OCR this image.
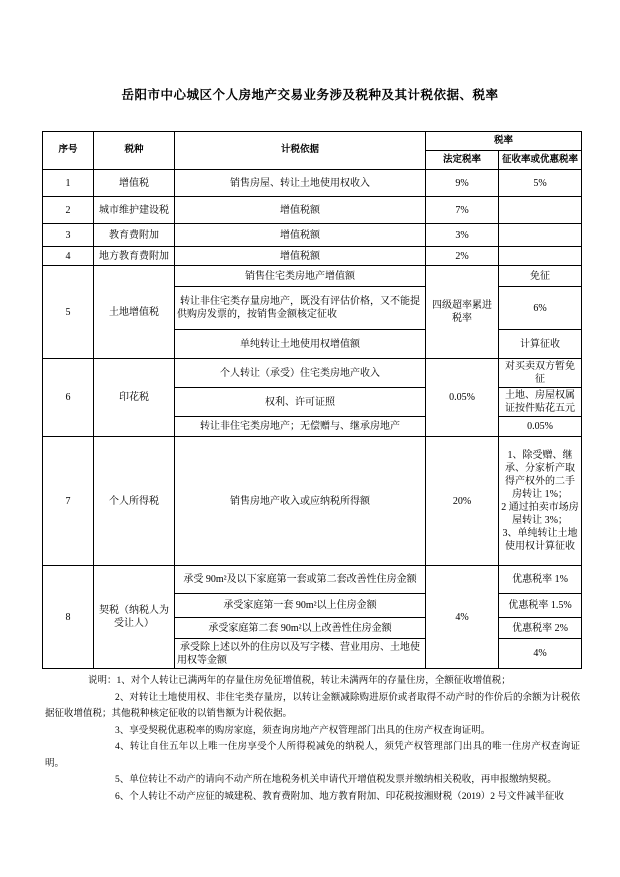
岳阳市中心城区个人房地产交易业务涉及税种及其计税依据、税率
序号	税种	计税依据	税率	
			法定税率	征收率或优惠税率
1	增值税	销售房屋、转让土地使用权收入	9%	5%
2	城市维护建设税	增值税额	7%	
3	教育费附加	增值税额	3%	
4	地方教育费附加	增值税额	2%	
5	土地增值税	销售住宅类房地产增值额	四级超率累进税率	免征
		转让非住宅类存量房地产，既没有评估价格，又不能提供购房发票的，按销售金额核定征收		6%
		单纯转让土地使用权增值额		计算征收
6	印花税	个人转让（承受）住宅类房地产收入	0.05%	对买卖双方暂免征
		权利、许可证照		土地、房屋权属证按件贴花五元
		转让非住宅类房地产；无偿赠与、继承房地产		0.05%
7	个人所得税	销售房地产收入或应纳税所得额	20%	1、除受赠、继承、分家析产取得产权外的二手房转让 1%；
2 通过拍卖市场房屋转让 3%；
3、单纯转让土地使用权计算征收

8	契税（纳税人为受让人）	承受 90m²及以下家庭第一套或第二套改善性住房金额	4%	优惠税率 1%
		承受家庭第一套 90m²以上住房金额		优惠税率 1.5%
		承受家庭第二套 90m²以上改善性住房金额		优惠税率 2%
		承受除上述以外的住房以及写字楼、营业用房、土地使用权等金额		4%
说明：1、对个人转让已满两年的存量住房免征增值税，转让未满两年的存量住房，全额征收增值税；
2、对转让土地使用权、非住宅类存量房，以转让金额减除购进原价或者取得不动产时的作价后的余额为计税依据征收增值税；其他税种核定征收的以销售额为计税依据。
3、享受契税优惠税率的购房家庭，须查询房地产产权管理部门出具的住房产权查询证明。
4、转让自住五年以上唯一住房享受个人所得税减免的纳税人，须凭产权管理部门出具的唯一住房产权查询证明。
5、单位转让不动产的请向不动产所在地税务机关申请代开增值税发票并缴纳相关税收，再申报缴纳契税。
6、个人转让不动产应征的城建税、教育费附加、地方教育附加、印花税按湘财税（2019）2 号文件减半征收
